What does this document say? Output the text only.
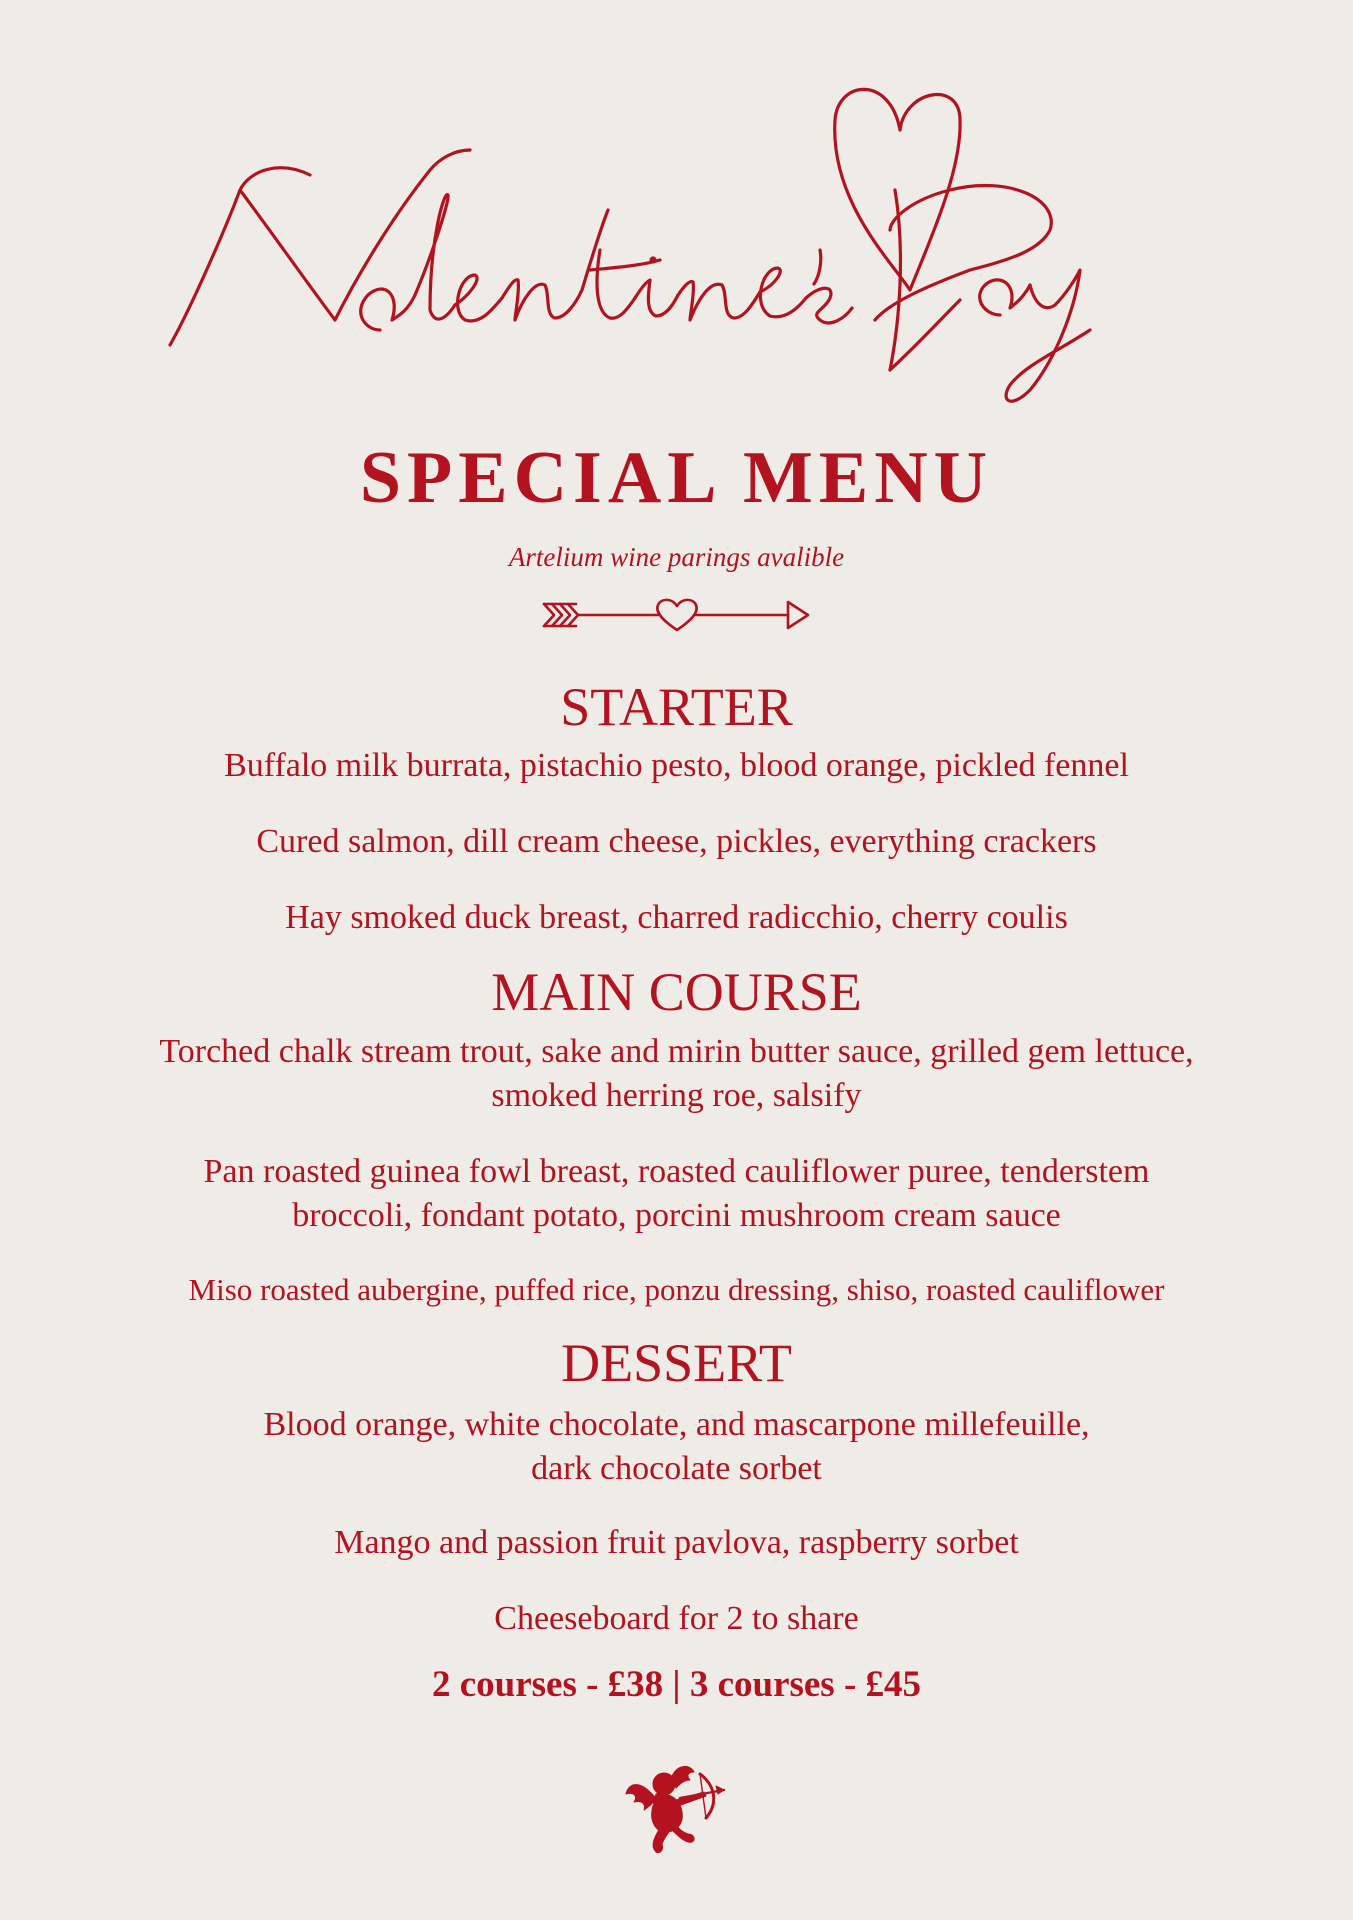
SPECIAL MENU
Artelium wine parings avalible
STARTER
Buffalo milk burrata, pistachio pesto, blood orange, pickled fennel
Cured salmon, dill cream cheese, pickles, everything crackers
Hay smoked duck breast, charred radicchio, cherry coulis
MAIN COURSE
Torched chalk stream trout, sake and mirin butter sauce, grilled gem lettuce,
smoked herring roe, salsify
Pan roasted guinea fowl breast, roasted cauliflower puree, tenderstem
broccoli, fondant potato, porcini mushroom cream sauce
Miso roasted aubergine, puffed rice, ponzu dressing, shiso, roasted cauliflower
DESSERT
Blood orange, white chocolate, and mascarpone millefeuille,
dark chocolate sorbet
Mango and passion fruit pavlova, raspberry sorbet
Cheeseboard for 2 to share
2 courses - £38 | 3 courses - £45
